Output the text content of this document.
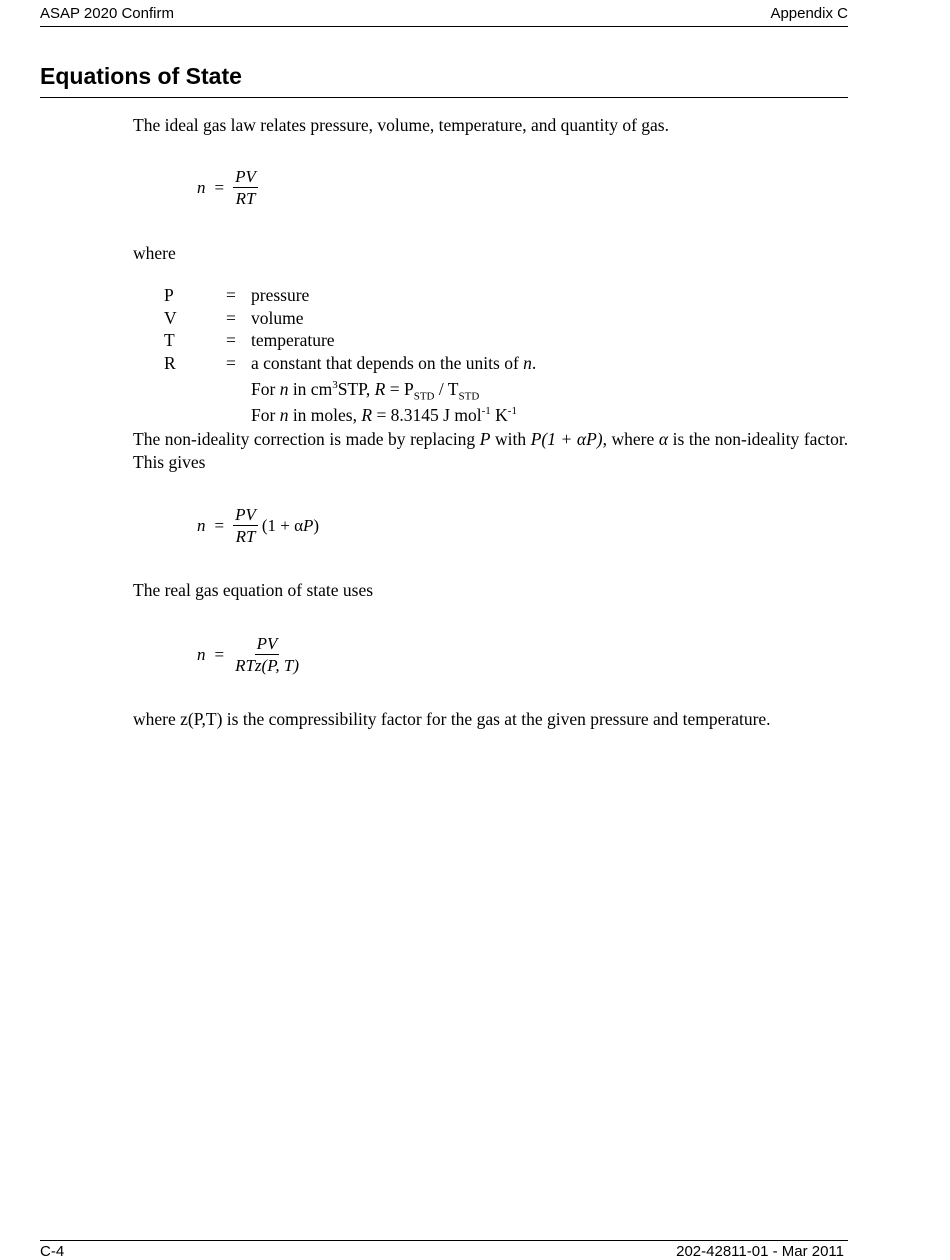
ASAP 2020 Confirm	Appendix C
Equations of State
The ideal gas law relates pressure, volume, temperature, and quantity of gas.
$n = \frac{PV}{RT}$
where
P	= pressure
V	= volume
T	= temperature
R	= a constant that depends on the units of n.
For n in $cm^3STP$, $R = P_{STD} / T_{STD}$
For n in moles, R = 8.3145 J mol$^{-1}$ $K^{-1}$
The non-ideality correction is made by replacing P with P(1 + αP), where α is the non-ideality factor. This gives
$n = \frac{PV}{RT} (1 + \alpha P)$
The real gas equation of state uses
$n = \frac{PV}{\text{RTz(P, T)}}$
where z(P,T) is the compressibility factor for the gas at the given pressure and temperature.
C-4	202-42811-01 - Mar 2011
